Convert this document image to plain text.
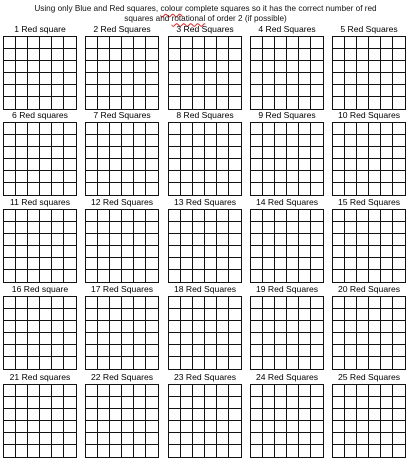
Using only Blue and Red squares, colour complete squares so it has the correct number of red
squares and rotational of order 2 (if possible)
1 Red square	2 Red Squares	3 Red Squares	4 Red Squares	5 Red Squares
6 Red squares	7 Red Squares	8 Red Squares	9 Red Squares	10 Red Squares
11 Red squares	12 Red Squares	13 Red Squares	14 Red Squares	15 Red Squares
16 Red square	17 Red Squares	18 Red Squares	19 Red Squares	20 Red Squares
21 Red squares	22 Red Squares	23 Red Squares	24 Red Squares	25 Red Squares
